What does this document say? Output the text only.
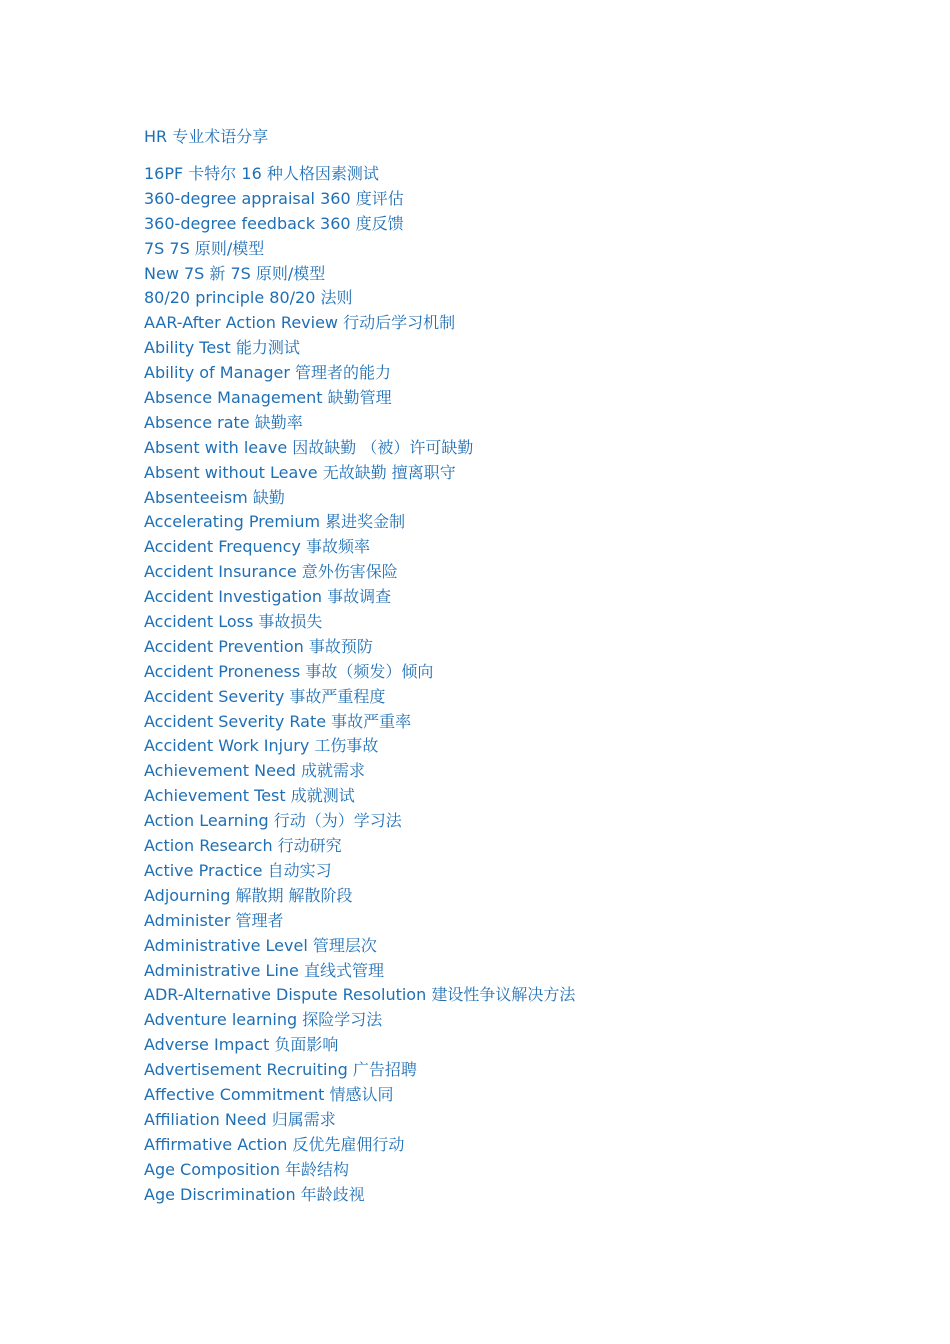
HR 专业术语分享
16PF 卡特尔 16 种人格因素测试
360-degree appraisal 360 度评估
360-degree feedback 360 度反馈
7S 7S 原则/模型
New 7S 新 7S 原则/模型
80/20 principle 80/20 法则
AAR-After Action Review 行动后学习机制
Ability Test 能力测试
Ability of Manager 管理者的能力
Absence Management 缺勤管理
Absence rate 缺勤率
Absent with leave 因故缺勤 （被）许可缺勤
Absent without Leave 无故缺勤 擅离职守
Absenteeism 缺勤
Accelerating Premium 累进奖金制
Accident Frequency 事故频率
Accident Insurance 意外伤害保险
Accident Investigation 事故调查
Accident Loss 事故损失
Accident Prevention 事故预防
Accident Proneness 事故（频发）倾向
Accident Severity 事故严重程度
Accident Severity Rate 事故严重率
Accident Work Injury 工伤事故
Achievement Need 成就需求
Achievement Test 成就测试
Action Learning 行动（为）学习法
Action Research 行动研究
Active Practice 自动实习
Adjourning 解散期 解散阶段
Administer 管理者
Administrative Level 管理层次
Administrative Line 直线式管理
ADR-Alternative Dispute Resolution 建设性争议解决方法
Adventure learning 探险学习法
Adverse Impact 负面影响
Advertisement Recruiting 广告招聘
Affective Commitment 情感认同
Affiliation Need 归属需求
Affirmative Action 反优先雇佣行动
Age Composition 年龄结构
Age Discrimination 年龄歧视
